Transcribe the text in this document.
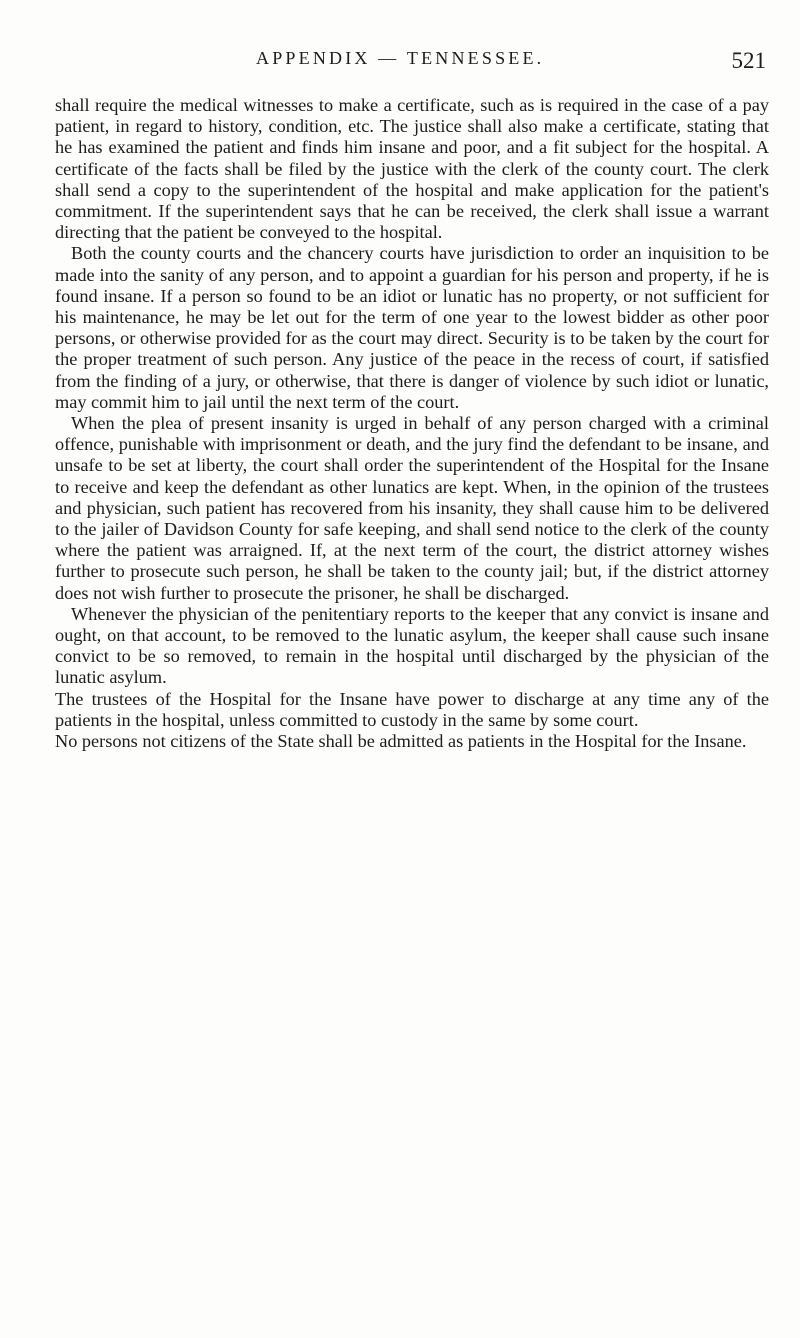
APPENDIX — TENNESSEE.	521

shall require the medical witnesses to make a certificate, such as is required in the case of a pay patient, in regard to history, condition, etc. The justice shall also make a certificate, stating that he has examined the patient and finds him insane and poor, and a fit subject for the hospital. A certificate of the facts shall be filed by the justice with the clerk of the county court. The clerk shall send a copy to the superintendent of the hospital and make application for the patient's commitment. If the superintendent says that he can be received, the clerk shall issue a warrant directing that the patient be conveyed to the hospital.

Both the county courts and the chancery courts have jurisdiction to order an inquisition to be made into the sanity of any person, and to appoint a guardian for his person and property, if he is found insane. If a person so found to be an idiot or lunatic has no property, or not sufficient for his maintenance, he may be let out for the term of one year to the lowest bidder as other poor persons, or otherwise provided for as the court may direct. Security is to be taken by the court for the proper treatment of such person. Any justice of the peace in the recess of court, if satisfied from the finding of a jury, or otherwise, that there is danger of violence by such idiot or lunatic, may commit him to jail until the next term of the court.

When the plea of present insanity is urged in behalf of any person charged with a criminal offence, punishable with imprisonment or death, and the jury find the defendant to be insane, and unsafe to be set at liberty, the court shall order the superintendent of the Hospital for the Insane to receive and keep the defendant as other lunatics are kept. When, in the opinion of the trustees and physician, such patient has recovered from his insanity, they shall cause him to be delivered to the jailer of Davidson County for safe keeping, and shall send notice to the clerk of the county where the patient was arraigned. If, at the next term of the court, the district attorney wishes further to prosecute such person, he shall be taken to the county jail; but, if the district attorney does not wish further to prosecute the prisoner, he shall be discharged.

Whenever the physician of the penitentiary reports to the keeper that any convict is insane and ought, on that account, to be removed to the lunatic asylum, the keeper shall cause such insane convict to be so removed, to remain in the hospital until discharged by the physician of the lunatic asylum.

The trustees of the Hospital for the Insane have power to discharge at any time any of the patients in the hospital, unless committed to custody in the same by some court.

No persons not citizens of the State shall be admitted as patients in the Hospital for the Insane.
